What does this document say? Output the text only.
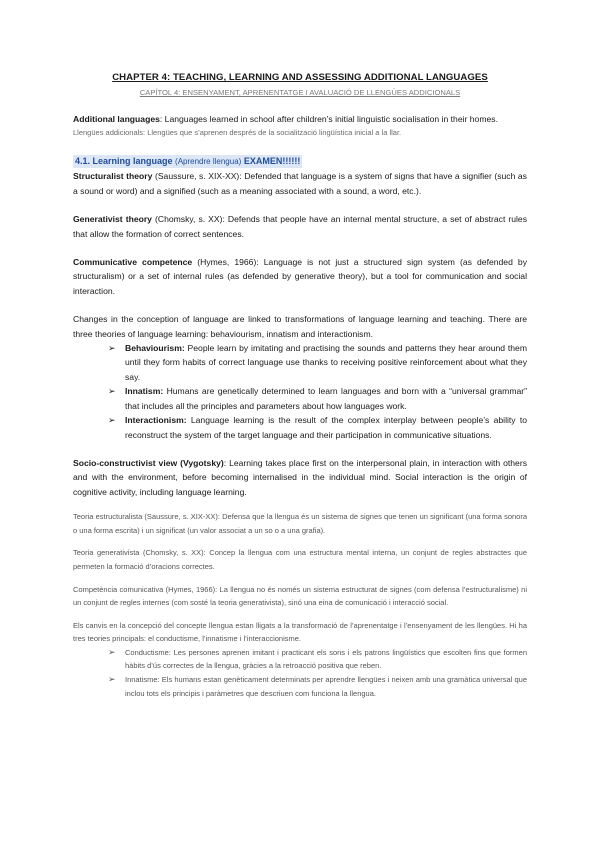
CHAPTER 4: TEACHING, LEARNING AND ASSESSING ADDITIONAL LANGUAGES
CAPÍTOL 4: ENSENYAMENT, APRENENTATGE I AVALUACIÓ DE LLENGÜES ADDICIONALS

Additional languages: Languages learned in school after children’s initial linguistic socialisation in their homes.

Llengües addicionals: Llengües que s’aprenen després de la socialització lingüística inicial a la llar.

4.1. Learning language (Aprendre llengua) EXAMEN!!!!!!

Structuralist theory (Saussure, s. XIX-XX): Defended that language is a system of signs that have a signifier (such as a sound or word) and a signified (such as a meaning associated with a sound, a word, etc.).

Generativist theory (Chomsky, s. XX): Defends that people have an internal mental structure, a set of abstract rules that allow the formation of correct sentences.

Communicative competence (Hymes, 1966): Language is not just a structured sign system (as defended by structuralism) or a set of internal rules (as defended by generative theory), but a tool for communication and social interaction.

Changes in the conception of language are linked to transformations of language learning and teaching. There are three theories of language learning: behaviourism, innatism and interactionism.

➢ Behaviourism: People learn by imitating and practising the sounds and patterns they hear around them until they form habits of correct language use thanks to receiving positive reinforcement about what they say.
➢ Innatism: Humans are genetically determined to learn languages and born with a “universal grammar” that includes all the principles and parameters about how languages work.
➢ Interactionism: Language learning is the result of the complex interplay between people’s ability to reconstruct the system of the target language and their participation in communicative situations.

Socio-constructivist view (Vygotsky): Learning takes place first on the interpersonal plain, in interaction with others and with the environment, before becoming internalised in the individual mind. Social interaction is the origin of cognitive activity, including language learning.

Teoria estructuralista (Saussure, s. XIX-XX): Defensa que la llengua és un sistema de signes que tenen un significant (una forma sonora o una forma escrita) i un significat (un valor associat a un so o a una grafia).

Teoria generativista (Chomsky, s. XX): Concep la llengua com una estructura mental interna, un conjunt de regles abstractes que permeten la formació d’oracions correctes.

Competència comunicativa (Hymes, 1966): La llengua no és només un sistema estructurat de signes (com defensa l’estructuralisme) ni un conjunt de regles internes (com sosté la teoria generativista), sinó una eina de comunicació i interacció social.

Els canvis en la concepció del concepte llengua estan lligats a la transformació de l’aprenentatge i l’ensenyament de les llengües. Hi ha tres teories principals: el conductisme, l’innatisme i l’interaccionisme.

➢ Conductisme: Les persones aprenen imitant i practicant els sons i els patrons lingüístics que escolten fins que formen hàbits d’ús correctes de la llengua, gràcies a la retroacció positiva que reben.
➢ Innatisme: Els humans estan genèticament determinats per aprendre llengües i neixen amb una gramàtica universal que inclou tots els principis i paràmetres que descriuen com funciona la llengua.
